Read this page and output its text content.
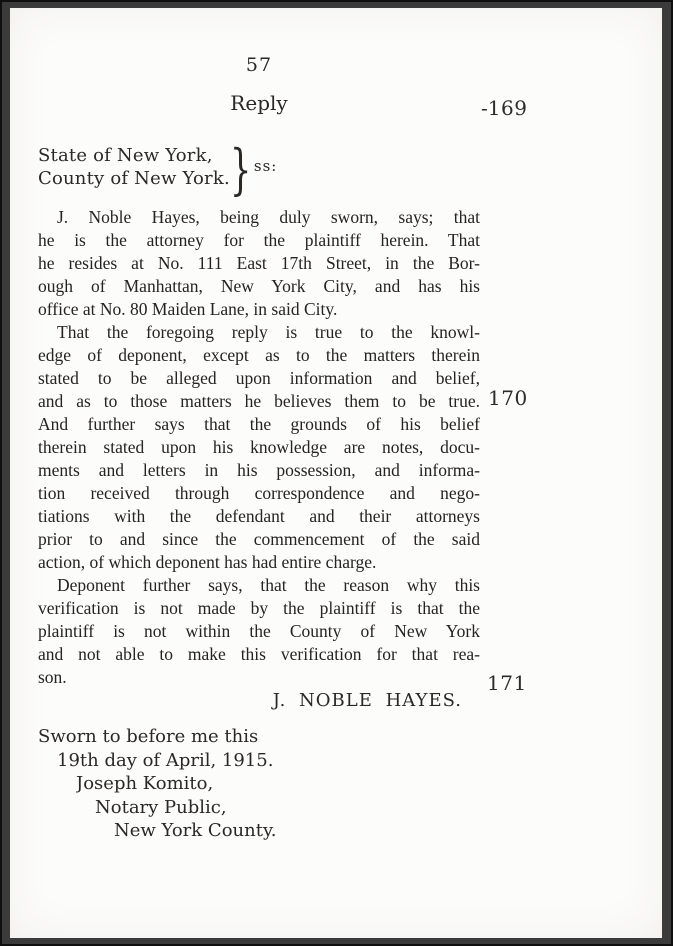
57
Reply
State of New York,
County of New York. } ss:
J. Noble Hayes, being duly sworn, says; that
he is the attorney for the plaintiff herein. That
he resides at No. 111 East 17th Street, in the Bor-
ough of Manhattan, New York City, and has his
office at No. 80 Maiden Lane, in said City.
That the foregoing reply is true to the knowl-
edge of deponent, except as to the matters therein
stated to be alleged upon information and belief,
and as to those matters he believes them to be true.
And further says that the grounds of his belief
therein stated upon his knowledge are notes, docu-
ments and letters in his possession, and informa-
tion received through correspondence and nego-
tiations with the defendant and their attorneys
prior to and since the commencement of the said
action, of which deponent has had entire charge.
Deponent further says, that the reason why this
verification is not made by the plaintiff is that the
plaintiff is not within the County of New York
and not able to make this verification for that rea-
son.
J. NOBLE HAYES.
Sworn to before me this
19th day of April, 1915.
Joseph Komito,
Notary Public,
New York County.
-169
170
171
